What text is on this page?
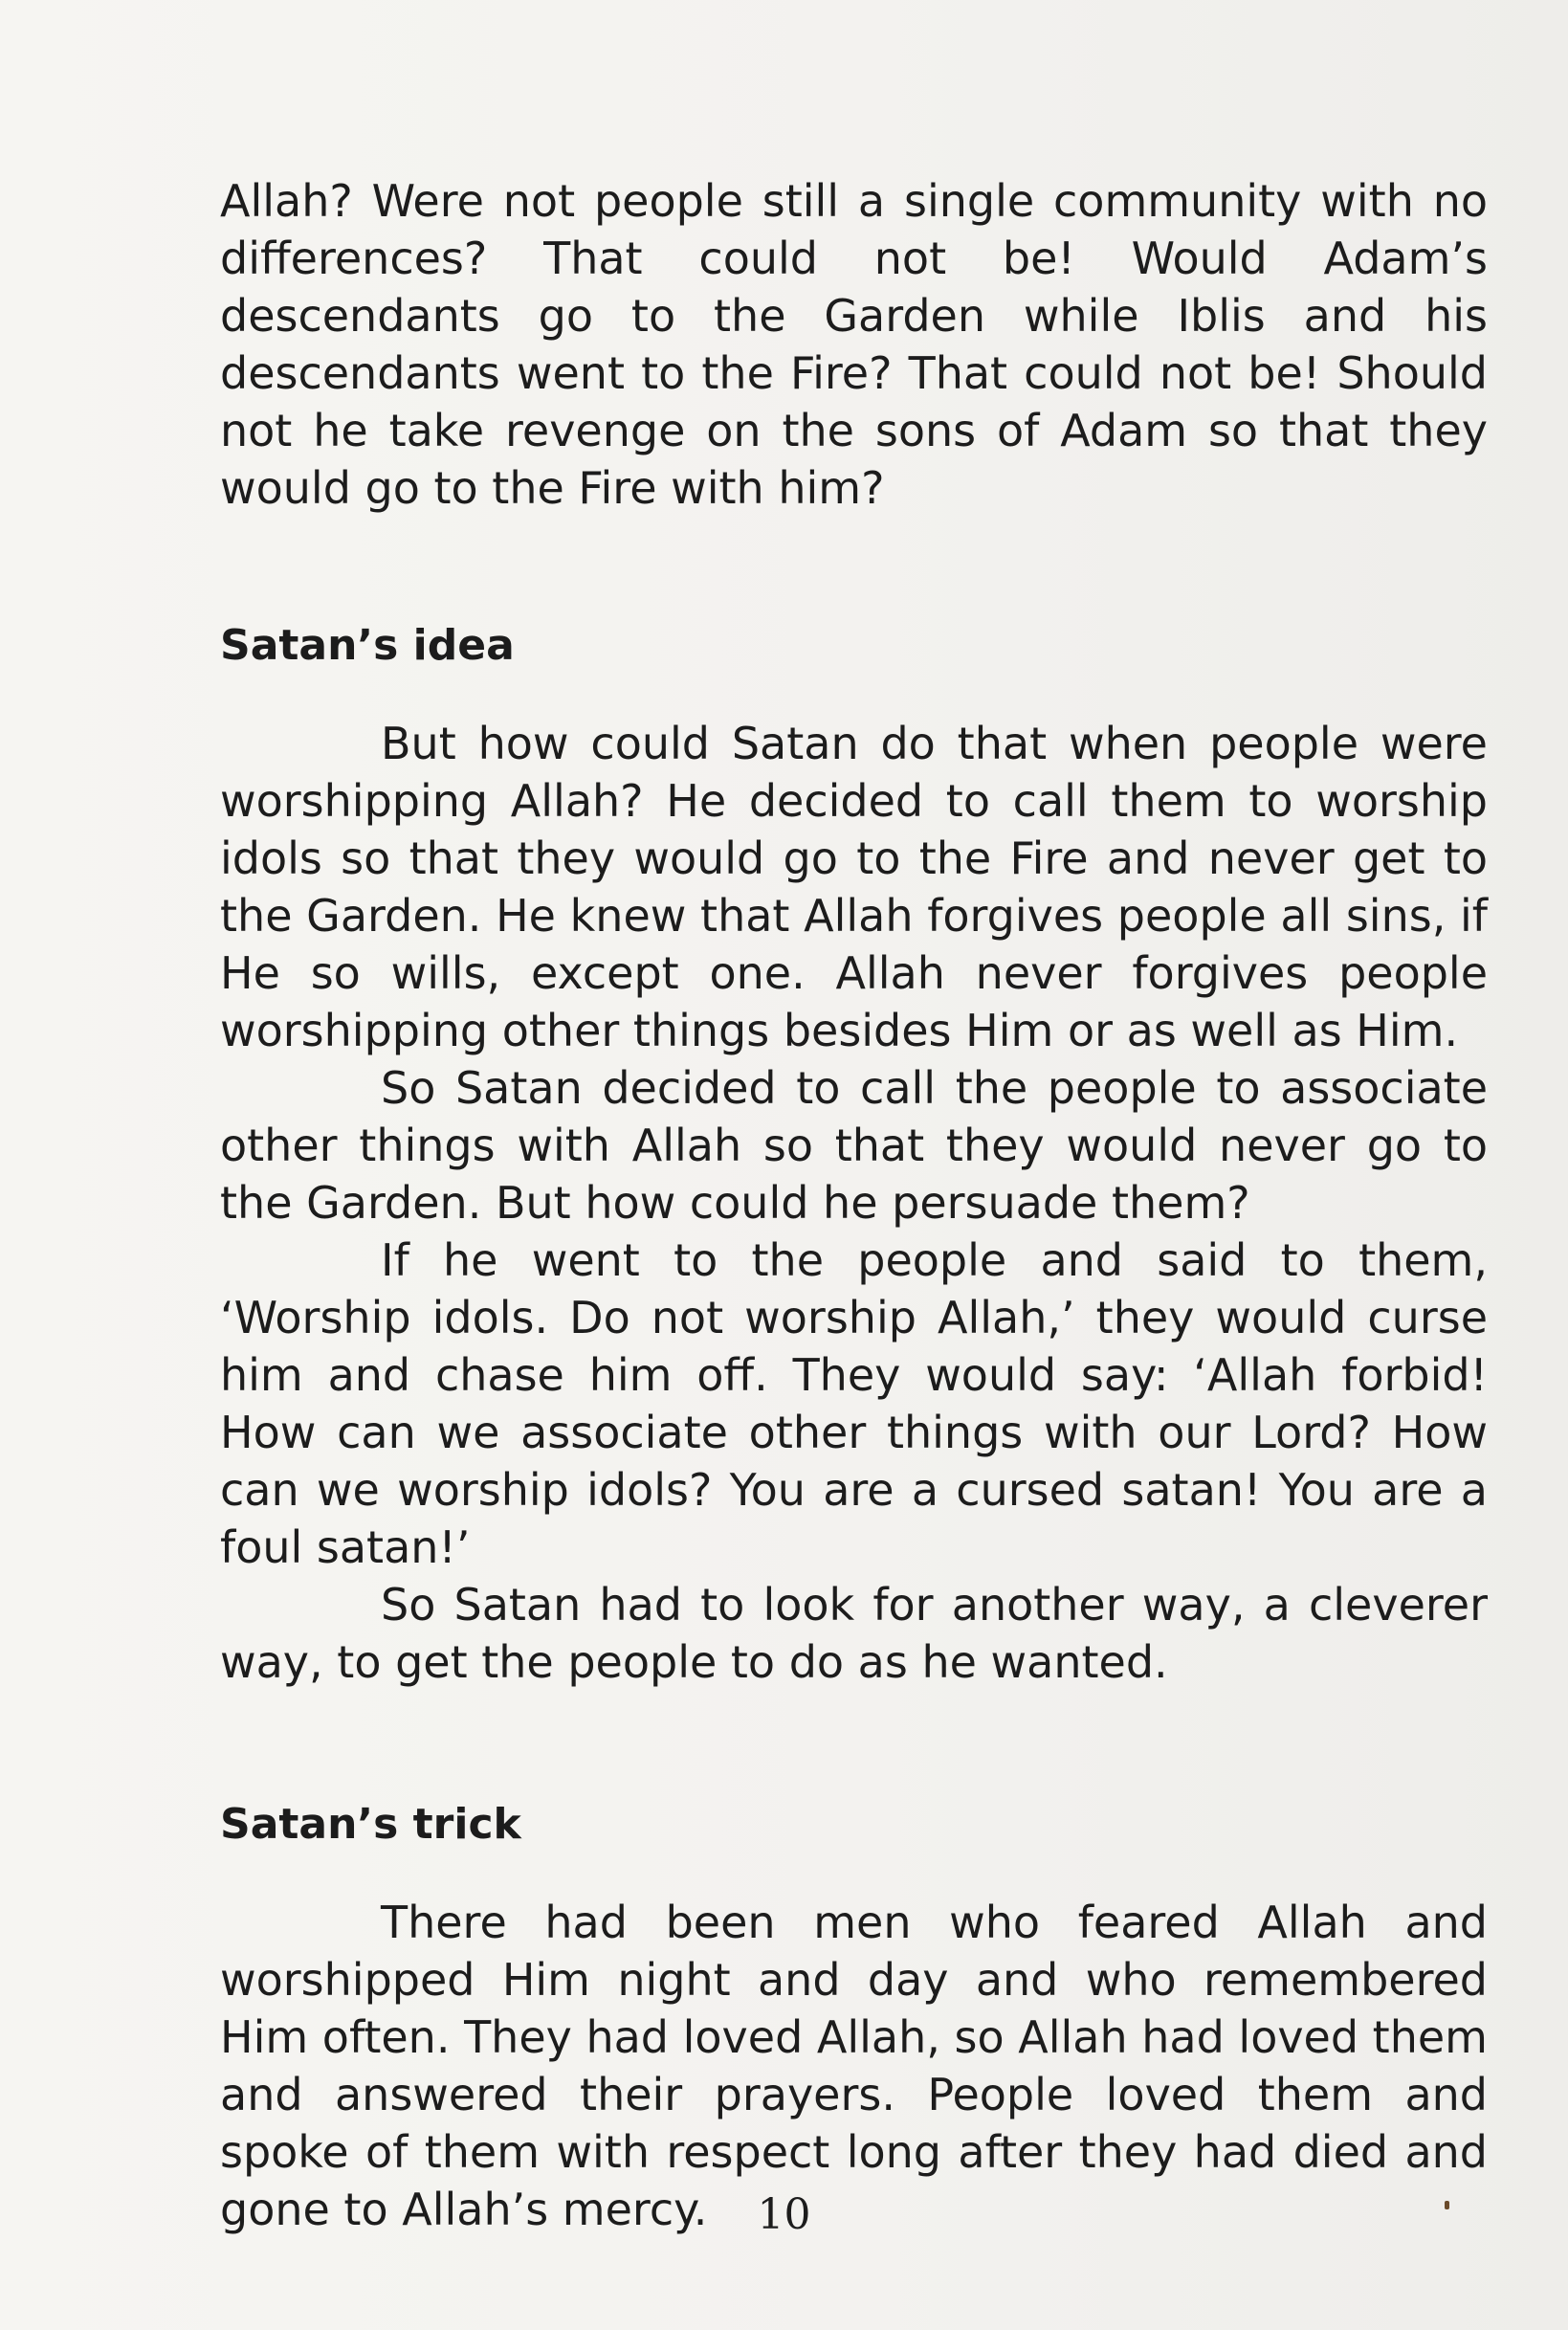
Allah? Were not people still a single community with no differences? That could not be! Would Adam’s descendants go to the Garden while Iblis and his descendants went to the Fire? That could not be! Should not he take revenge on the sons of Adam so that they would go to the Fire with him?

Satan’s idea

But how could Satan do that when people were worshipping Allah? He decided to call them to worship idols so that they would go to the Fire and never get to the Garden. He knew that Allah forgives people all sins, if He so wills, except one. Allah never forgives people worshipping other things besides Him or as well as Him.

So Satan decided to call the people to associate other things with Allah so that they would never go to the Garden. But how could he persuade them?

If he went to the people and said to them, ‘Worship idols. Do not worship Allah,’ they would curse him and chase him off. They would say: ‘Allah forbid! How can we associate other things with our Lord? How can we worship idols? You are a cursed satan! You are a foul satan!’

So Satan had to look for another way, a cleverer way, to get the people to do as he wanted.

Satan’s trick

There had been men who feared Allah and worshipped Him night and day and who remembered Him often. They had loved Allah, so Allah had loved them and answered their prayers. People loved them and spoke of them with respect long after they had died and gone to Allah’s mercy.	10
